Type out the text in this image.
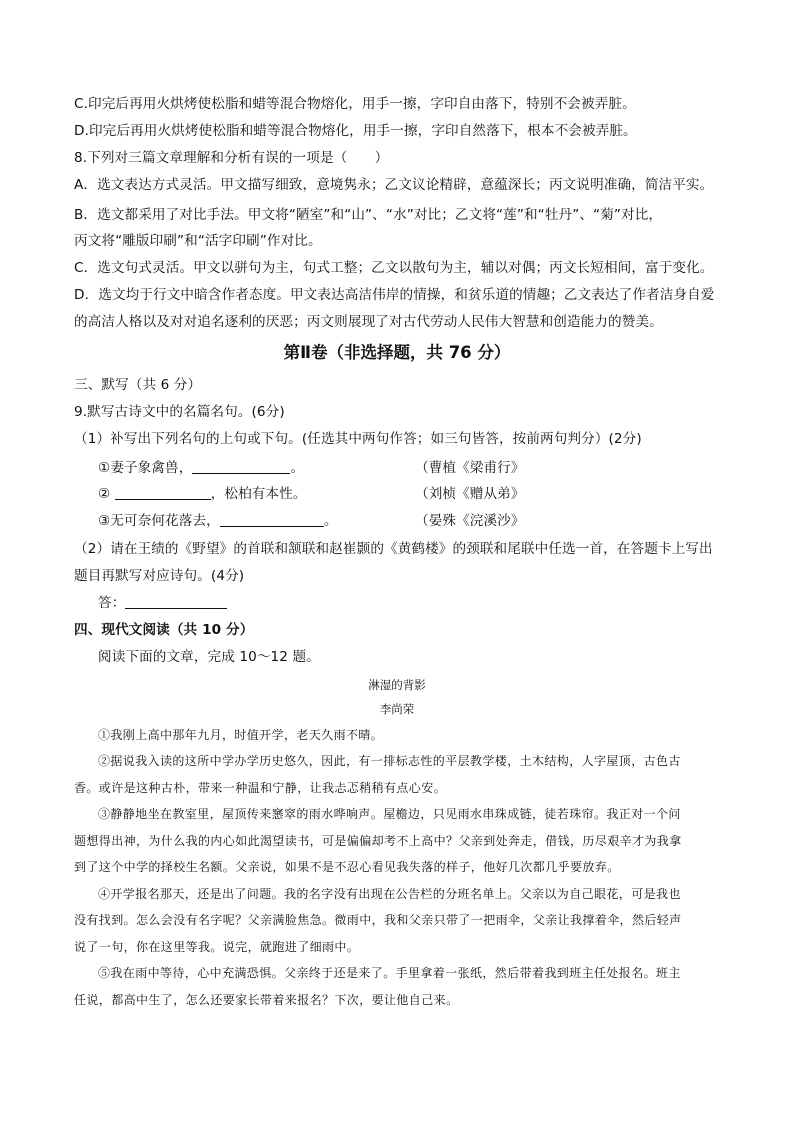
C.印完后再用火烘烤使松脂和蜡等混合物熔化，用手一擦，字印自由落下，特别不会被弄脏。
D.印完后再用火烘烤使松脂和蜡等混合物熔化，用手一擦，字印自然落下，根本不会被弄脏。
8.下列对三篇文章理解和分析有误的一项是（　　）
A．选文表达方式灵活。甲文描写细致，意境隽永；乙文议论精辟，意蕴深长；丙文说明准确，简洁平实。
B．选文都采用了对比手法。甲文将“陋室”和“山”、“水”对比；乙文将“莲”和“牡丹”、“菊”对比，
丙文将“雕版印刷”和“活字印刷”作对比。
C．选文句式灵活。甲文以骈句为主，句式工整；乙文以散句为主，辅以对偶；丙文长短相间，富于变化。
D．选文均于行文中暗含作者态度。甲文表达高洁伟岸的情操，和贫乐道的情趣；乙文表达了作者洁身自爱
的高洁人格以及对对追名逐利的厌恶；丙文则展现了对古代劳动人民伟大智慧和创造能力的赞美。
第Ⅱ卷（非选择题，共 76 分）
三、默写（共 6 分）
9.默写古诗文中的名篇名句。(6分)
（1）补写出下列名句的上句或下句。(任选其中两句作答；如三句皆答，按前两句判分）(2分)
①妻子象禽兽，	。	（曹植《梁甫行》
②	，松柏有本性。	（刘桢《赠从弟》
③无可奈何花落去，	。	（晏殊《浣溪沙》
（2）请在王绩的《野望》的首联和颔联和赵崔颢的《黄鹤楼》的颈联和尾联中任选一首，在答题卡上写出
题目再默写对应诗句。(4分)
答：
四、现代文阅读（共 10 分）
阅读下面的文章，完成 10～12 题。
淋湿的背影
李尚荣
①我刚上高中那年九月，时值开学，老天久雨不晴。
②据说我入读的这所中学办学历史悠久，因此，有一排标志性的平层教学楼，土木结构，人字屋顶，古色古
香。或许是这种古朴，带来一种温和宁静，让我忐忑稍稍有点心安。
③静静地坐在教室里，屋顶传来窸窣的雨水哗响声。屋檐边，只见雨水串珠成链，徒若珠帘。我正对一个问
题想得出神，为什么我的内心如此渴望读书，可是偏偏却考不上高中？父亲到处奔走，借钱，历尽艰辛才为我拿
到了这个中学的择校生名额。父亲说，如果不是不忍心看见我失落的样子，他好几次都几乎要放弃。
④开学报名那天，还是出了问题。我的名字没有出现在公告栏的分班名单上。父亲以为自己眼花，可是我也
没有找到。怎么会没有名字呢？父亲满脸焦急。微雨中，我和父亲只带了一把雨伞，父亲让我撑着伞，然后轻声
说了一句，你在这里等我。说完，就跑进了细雨中。
⑤我在雨中等待，心中充满恐惧。父亲终于还是来了。手里拿着一张纸，然后带着我到班主任处报名。班主
任说，都高中生了，怎么还要家长带着来报名？下次，要让他自己来。
